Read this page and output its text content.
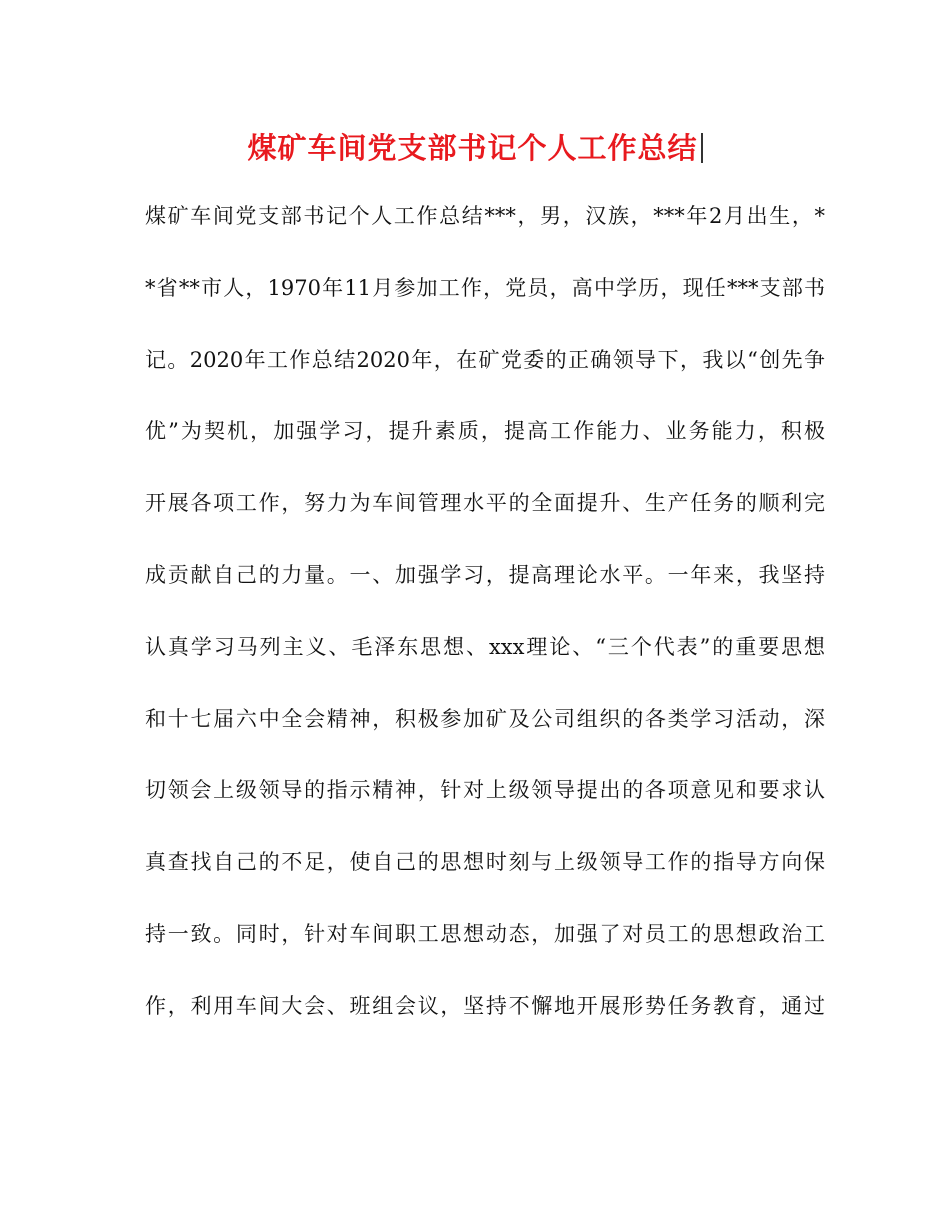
煤矿车间党支部书记个人工作总结
煤矿车间党支部书记个人工作总结***，男，汉族，***年2月出生，*
*省**市人，1970年11月参加工作，党员，高中学历，现任***支部书
记。2020年工作总结2020年，在矿党委的正确领导下，我以“创先争
优”为契机，加强学习，提升素质，提高工作能力、业务能力，积极
开展各项工作，努力为车间管理水平的全面提升、生产任务的顺利完
成贡献自己的力量。一、加强学习，提高理论水平。一年来，我坚持
认真学习马列主义、毛泽东思想、xxx理论、“三个代表”的重要思想
和十七届六中全会精神，积极参加矿及公司组织的各类学习活动，深
切领会上级领导的指示精神，针对上级领导提出的各项意见和要求认
真查找自己的不足，使自己的思想时刻与上级领导工作的指导方向保
持一致。同时，针对车间职工思想动态，加强了对员工的思想政治工
作，利用车间大会、班组会议，坚持不懈地开展形势任务教育，通过
